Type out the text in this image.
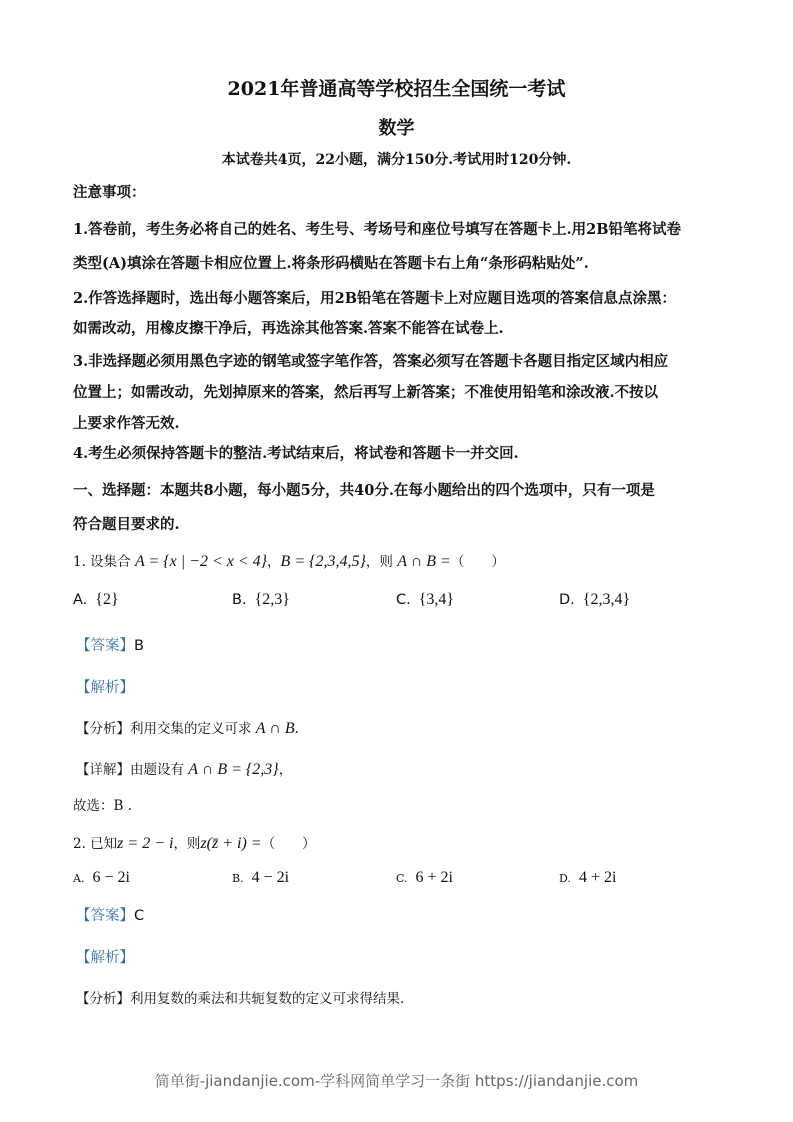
2021年普通高等学校招生全国统一考试
数学
本试卷共4页，22小题，满分150分.考试用时120分钟.
注意事项：
1.答卷前，考生务必将自己的姓名、考生号、考场号和座位号填写在答题卡上.用2B铅笔将试卷
类型(A)填涂在答题卡相应位置上.将条形码横贴在答题卡右上角“条形码粘贴处”.
2.作答选择题时，选出每小题答案后，用2B铅笔在答题卡上对应题目选项的答案信息点涂黑：
如需改动，用橡皮擦干净后，再选涂其他答案.答案不能答在试卷上.
3.非选择题必须用黑色字迹的钢笔或签字笔作答，答案必须写在答题卡各题目指定区域内相应
位置上；如需改动，先划掉原来的答案，然后再写上新答案；不准使用铅笔和涂改液.不按以
上要求作答无效.
4.考生必须保持答题卡的整洁.考试结束后，将试卷和答题卡一并交回.
一、选择题：本题共8小题，每小题5分，共40分.在每小题给出的四个选项中，只有一项是
符合题目要求的.
1. 设集合 A = {x | −2 < x < 4}，B = {2,3,4,5}，则 A ∩ B =（　　）
A. {2}	B. {2,3}	C. {3,4}	D. {2,3,4}
【答案】B
【解析】
【分析】利用交集的定义可求 A ∩ B.
【详解】由题设有 A ∩ B = {2,3}，
故选：B .
2. 已知z = 2 − i，则z(z̄ + i) =（　　）
A. 6 − 2i	B. 4 − 2i	C. 6 + 2i	D. 4 + 2i
【答案】C
【解析】
【分析】利用复数的乘法和共轭复数的定义可求得结果.
简单街-jiandanjie.com-学科网简单学习一条街 https://jiandanjie.com
